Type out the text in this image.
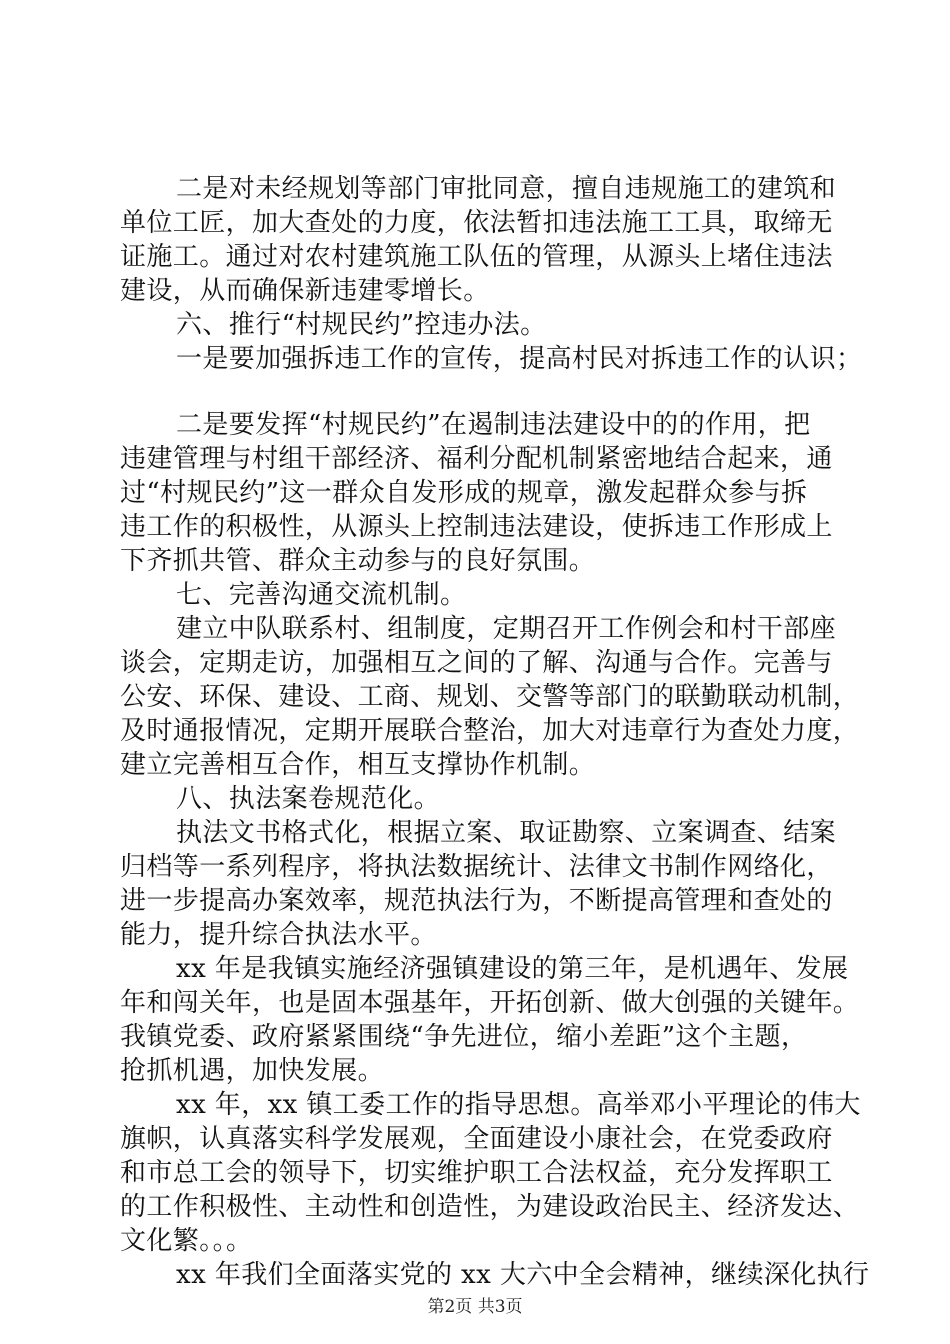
二是对未经规划等部门审批同意，擅自违规施工的建筑和
单位工匠，加大查处的力度，依法暂扣违法施工工具，取缔无
证施工。通过对农村建筑施工队伍的管理，从源头上堵住违法
建设，从而确保新违建零增长。
六、推行“村规民约”控违办法。
一是要加强拆违工作的宣传，提高村民对拆违工作的认识；
二是要发挥“村规民约”在遏制违法建设中的的作用，把
违建管理与村组干部经济、福利分配机制紧密地结合起来，通
过“村规民约”这一群众自发形成的规章，激发起群众参与拆
违工作的积极性，从源头上控制违法建设，使拆违工作形成上
下齐抓共管、群众主动参与的良好氛围。
七、完善沟通交流机制。
建立中队联系村、组制度，定期召开工作例会和村干部座
谈会，定期走访，加强相互之间的了解、沟通与合作。完善与
公安、环保、建设、工商、规划、交警等部门的联勤联动机制，
及时通报情况，定期开展联合整治，加大对违章行为查处力度，
建立完善相互合作，相互支撑协作机制。
八、执法案卷规范化。
执法文书格式化，根据立案、取证勘察、立案调查、结案
归档等一系列程序，将执法数据统计、法律文书制作网络化，
进一步提高办案效率，规范执法行为，不断提高管理和查处的
能力，提升综合执法水平。
xx 年是我镇实施经济强镇建设的第三年，是机遇年、发展
年和闯关年，也是固本强基年，开拓创新、做大创强的关键年。
我镇党委、政府紧紧围绕“争先进位，缩小差距”这个主题，
抢抓机遇，加快发展。
xx 年，xx 镇工委工作的指导思想。高举邓小平理论的伟大
旗帜，认真落实科学发展观，全面建设小康社会，在党委政府
和市总工会的领导下，切实维护职工合法权益，充分发挥职工
的工作积极性、主动性和创造性，为建设政治民主、经济发达、
文化繁。。。
xx 年我们全面落实党的 xx 大六中全会精神，继续深化执行
第2页 共3页
